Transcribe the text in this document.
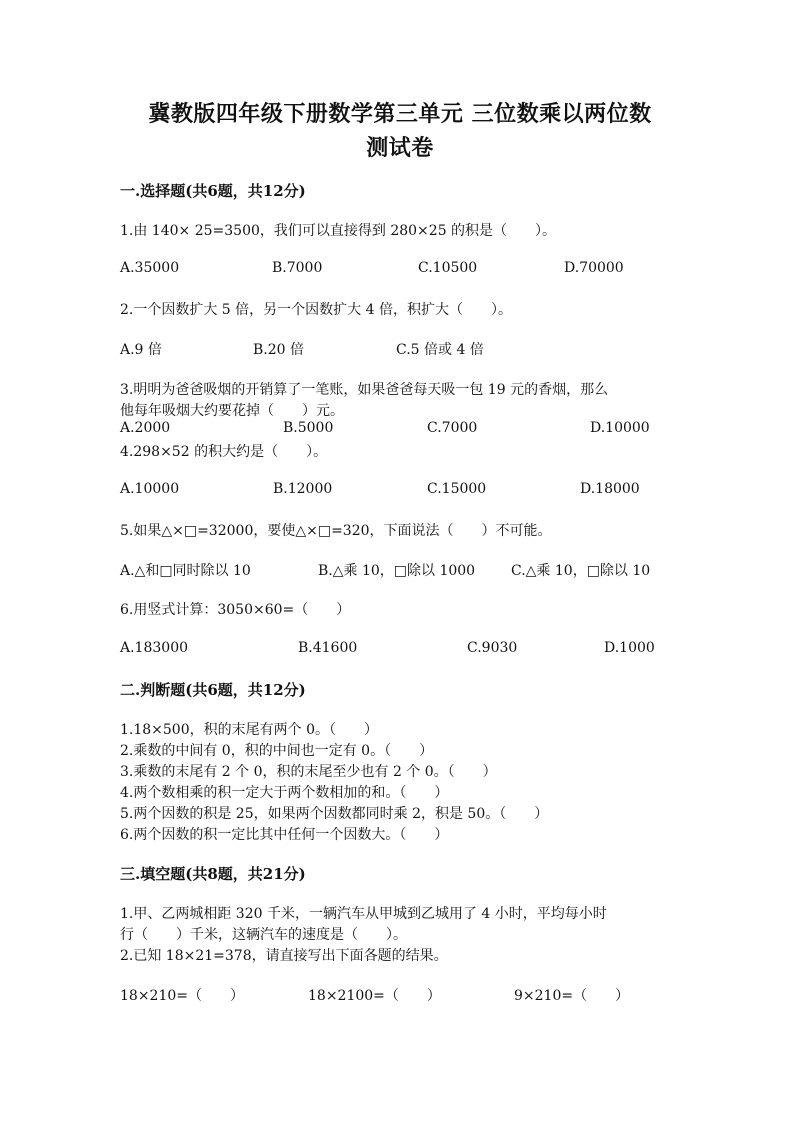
冀教版四年级下册数学第三单元 三位数乘以两位数
测试卷
一.选择题(共6题，共12分)
1.由 140× 25=3500，我们可以直接得到 280×25 的积是（　　）。
A.35000	B.7000	C.10500	D.70000
2.一个因数扩大 5 倍，另一个因数扩大 4 倍，积扩大（　　）。
A.9 倍	B.20 倍	C.5 倍或 4 倍
3.明明为爸爸吸烟的开销算了一笔账，如果爸爸每天吸一包 19 元的香烟，那么
他每年吸烟大约要花掉（　　）元。
A.2000	B.5000	C.7000	D.10000
4.298×52 的积大约是（　　）。
A.10000	B.12000	C.15000	D.18000
5.如果△×□=32000，要使△×□=320，下面说法（　　）不可能。
A.△和□同时除以 10	B.△乘 10，□除以 1000	C.△乘 10，□除以 10
6.用竖式计算：3050×60=（　　）
A.183000	B.41600	C.9030	D.1000
二.判断题(共6题，共12分)
1.18×500，积的末尾有两个 0。（　　）
2.乘数的中间有 0，积的中间也一定有 0。（　　）
3.乘数的末尾有 2 个 0，积的末尾至少也有 2 个 0。（　　）
4.两个数相乘的积一定大于两个数相加的和。（　　）
5.两个因数的积是 25，如果两个因数都同时乘 2，积是 50。（　　）
6.两个因数的积一定比其中任何一个因数大。（　　）
三.填空题(共8题，共21分)
1.甲、乙两城相距 320 千米，一辆汽车从甲城到乙城用了 4 小时，平均每小时
行（　　）千米，这辆汽车的速度是（　　）。
2.已知 18×21=378，请直接写出下面各题的结果。
18×210=（　　）	18×2100=（　　）	9×210=（　　）
